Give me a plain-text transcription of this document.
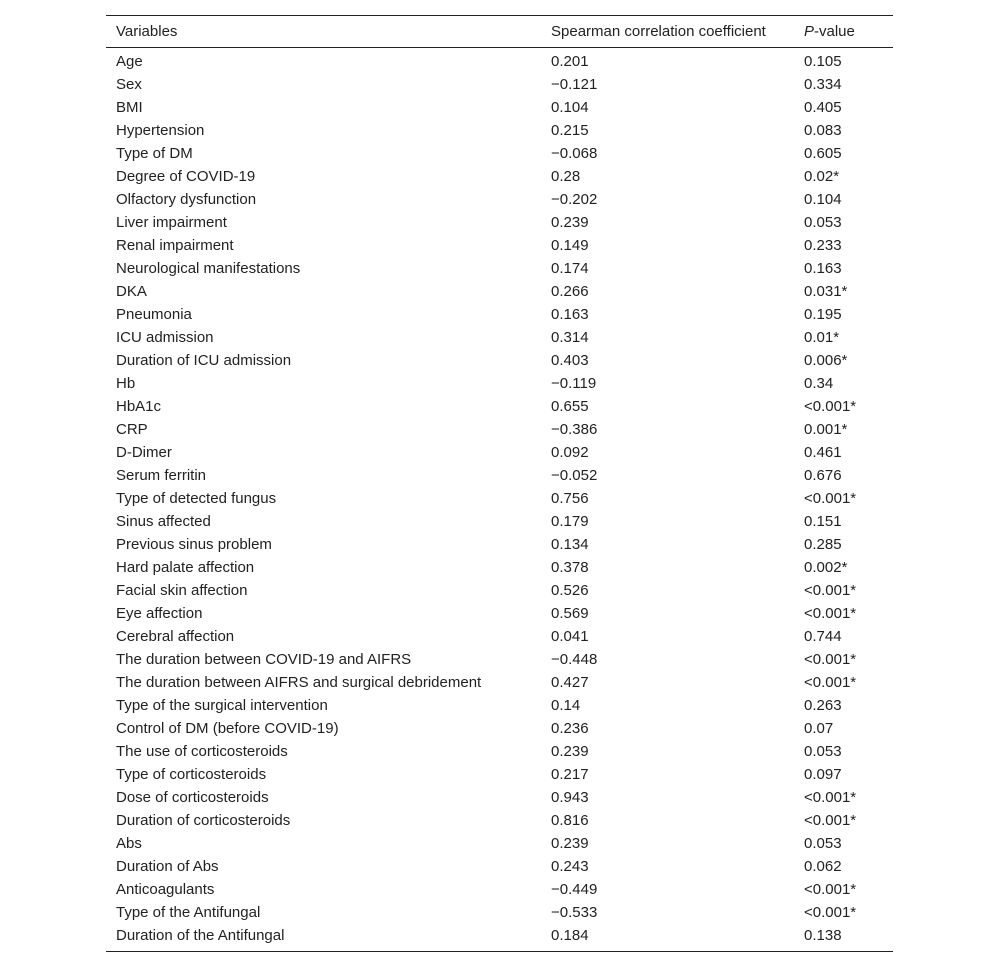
Variables	Spearman correlation coefficient	P-value
Age	0.201	0.105
Sex	−0.121	0.334
BMI	0.104	0.405
Hypertension	0.215	0.083
Type of DM	−0.068	0.605
Degree of COVID-19	0.28	0.02*
Olfactory dysfunction	−0.202	0.104
Liver impairment	0.239	0.053
Renal impairment	0.149	0.233
Neurological manifestations	0.174	0.163
DKA	0.266	0.031*
Pneumonia	0.163	0.195
ICU admission	0.314	0.01*
Duration of ICU admission	0.403	0.006*
Hb	−0.119	0.34
HbA1c	0.655	<0.001*
CRP	−0.386	0.001*
D-Dimer	0.092	0.461
Serum ferritin	−0.052	0.676
Type of detected fungus	0.756	<0.001*
Sinus affected	0.179	0.151
Previous sinus problem	0.134	0.285
Hard palate affection	0.378	0.002*
Facial skin affection	0.526	<0.001*
Eye affection	0.569	<0.001*
Cerebral affection	0.041	0.744
The duration between COVID-19 and AIFRS	−0.448	<0.001*
The duration between AIFRS and surgical debridement	0.427	<0.001*
Type of the surgical intervention	0.14	0.263
Control of DM (before COVID-19)	0.236	0.07
The use of corticosteroids	0.239	0.053
Type of corticosteroids	0.217	0.097
Dose of corticosteroids	0.943	<0.001*
Duration of corticosteroids	0.816	<0.001*
Abs	0.239	0.053
Duration of Abs	0.243	0.062
Anticoagulants	−0.449	<0.001*
Type of the Antifungal	−0.533	<0.001*
Duration of the Antifungal	0.184	0.138
